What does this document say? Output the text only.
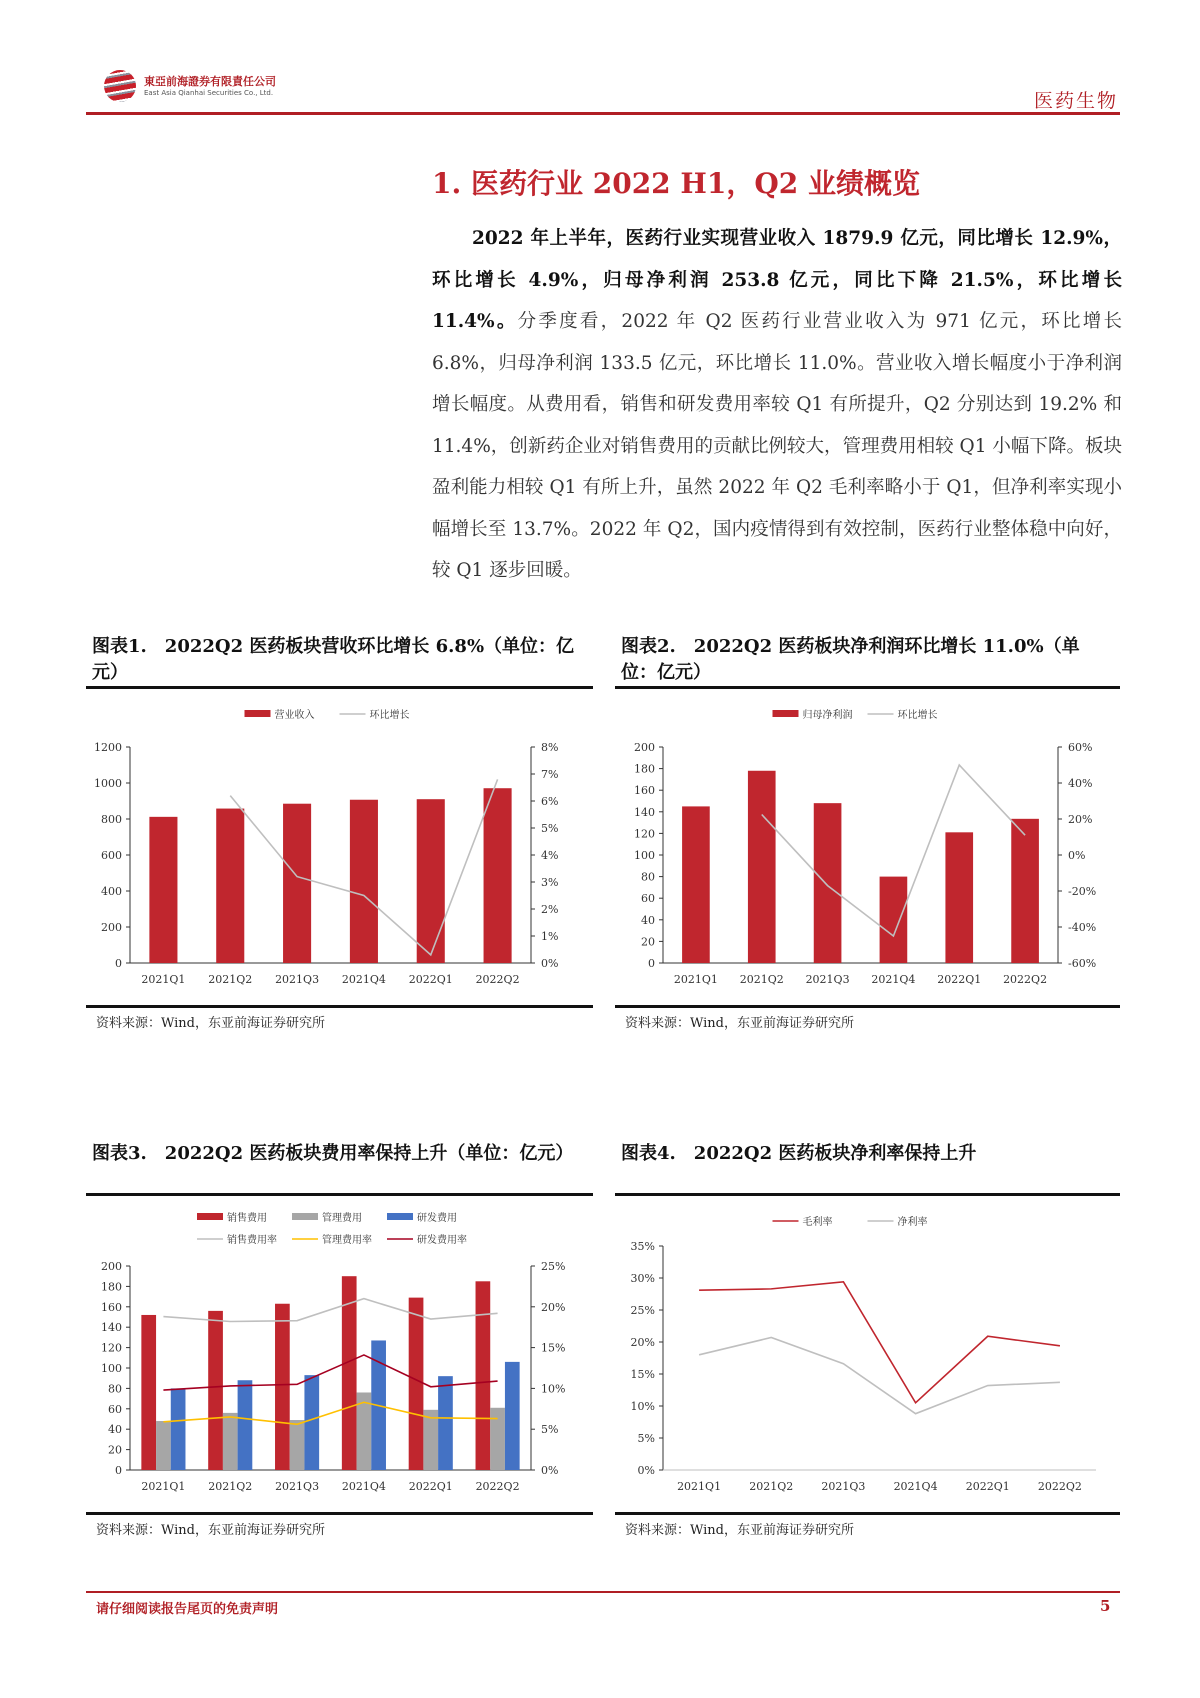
東亞前海證券有限責任公司
East Asia Qianhai Securities Co., Ltd.	医药生物
1. 医药行业 2022 H1，Q2 业绩概览
2022 年上半年，医药行业实现营业收入 1879.9 亿元，同比增长 12.9%，环比增长 4.9%，归母净利润 253.8 亿元，同比下降 21.5%，环比增长 11.4%。分季度看，2022 年 Q2 医药行业营业收入为 971 亿元，环比增长 6.8%，归母净利润 133.5 亿元，环比增长 11.0%。营业收入增长幅度小于净利润增长幅度。从费用看，销售和研发费用率较 Q1 有所提升，Q2 分别达到 19.2% 和 11.4%，创新药企业对销售费用的贡献比例较大，管理费用相较 Q1 小幅下降。板块盈利能力相较 Q1 有所上升，虽然 2022 年 Q2 毛利率略小于 Q1，但净利率实现小幅增长至 13.7%。2022 年 Q2，国内疫情得到有效控制，医药行业整体稳中向好，较 Q1 逐步回暖。
图表1.　2022Q2 医药板块营收环比增长 6.8%（单位：亿元）
营业收入	环比增长
0
200
400
600
800
1000
1200
0%
1%
2%
3%
4%
5%
6%
7%
8%
2021Q1 2021Q2 2021Q3 2021Q4 2022Q1 2022Q2
资料来源：Wind，东亚前海证券研究所
图表2.　2022Q2 医药板块净利润环比增长 11.0%（单位：亿元）
归母净利润	环比增长
0
20
40
60
80
100
120
140
160
180
200
-60%
-40%
-20%
0%
20%
40%
60%
2021Q1 2021Q2 2021Q3 2021Q4 2022Q1 2022Q2
资料来源：Wind，东亚前海证券研究所
图表3.　2022Q2 医药板块费用率保持上升（单位：亿元）
销售费用	管理费用	研发费用
销售费用率	管理费用率	研发费用率
0
20
40
60
80
100
120
140
160
180
200
0%
5%
10%
15%
20%
25%
2021Q1 2021Q2 2021Q3 2021Q4 2022Q1 2022Q2
资料来源：Wind，东亚前海证券研究所
图表4.　2022Q2 医药板块净利率保持上升
毛利率	净利率
0%
5%
10%
15%
20%
25%
30%
35%
2021Q1	2021Q2	2021Q3	2021Q4	2022Q1	2022Q2
资料来源：Wind，东亚前海证券研究所
请仔细阅读报告尾页的免责声明	5
